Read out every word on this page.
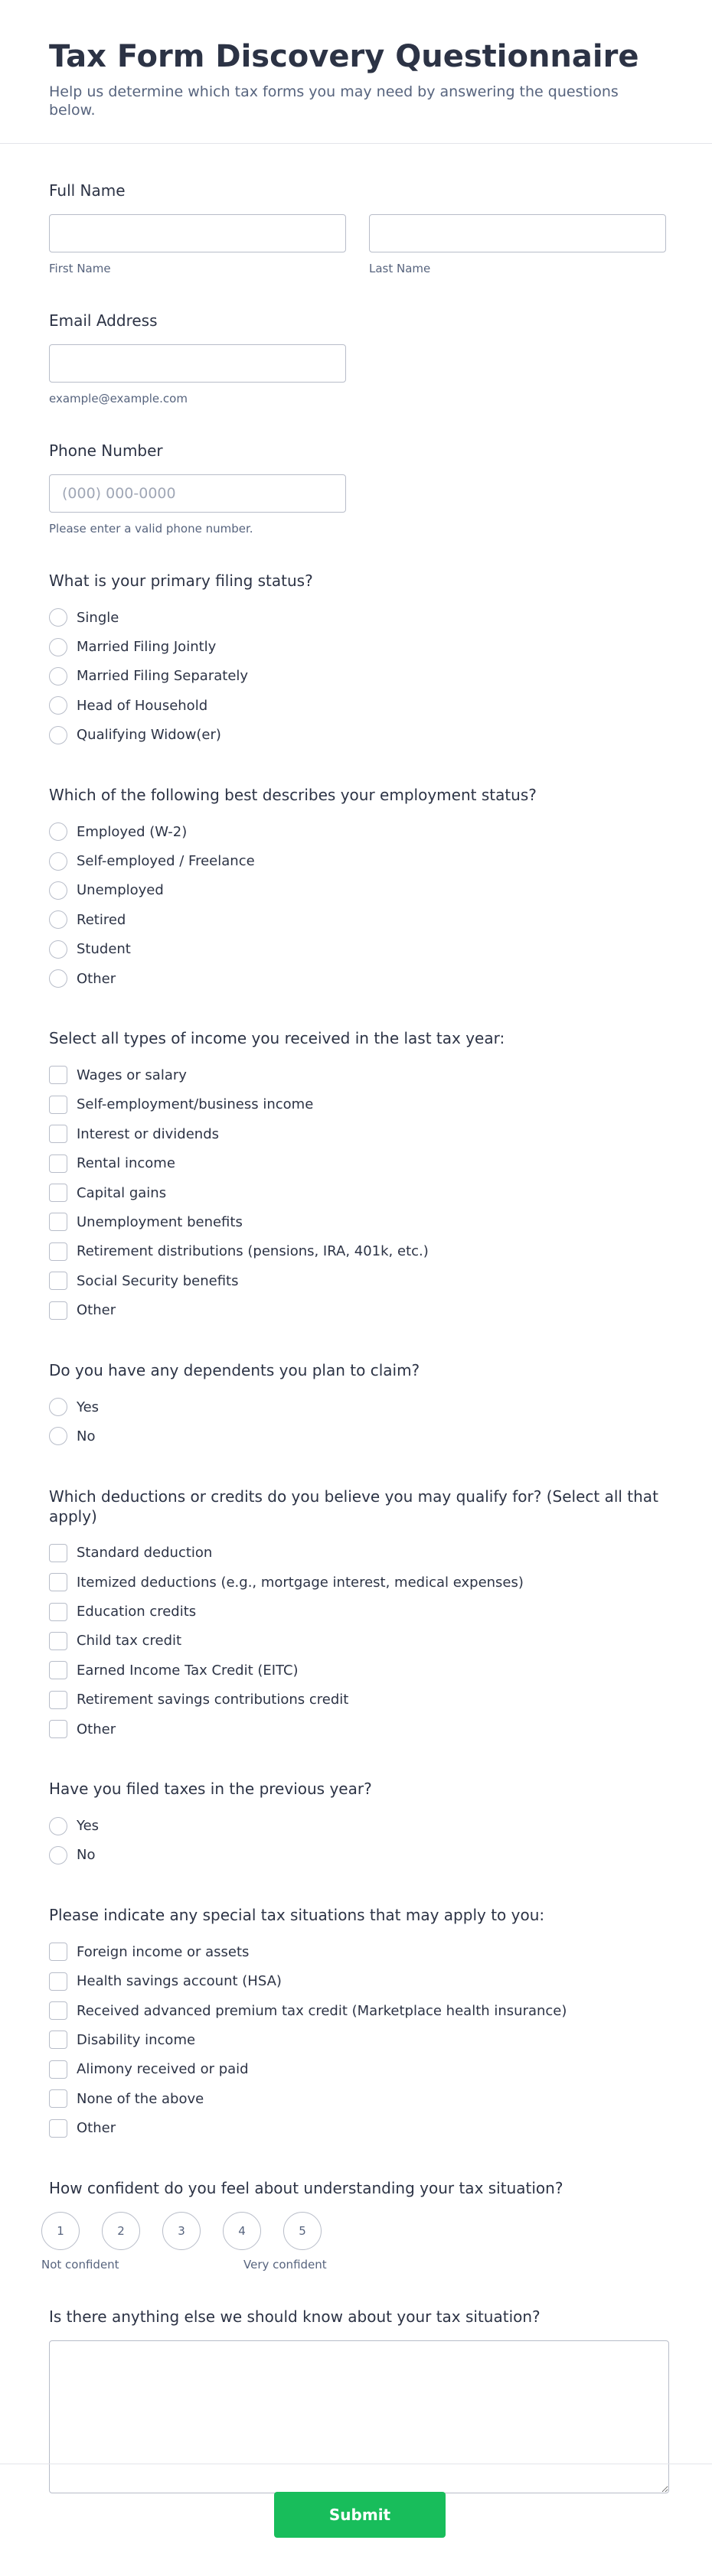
Tax Form Discovery Questionnaire

Help us determine which tax forms you may need by answering the questions below.

Full Name
First Name	Last Name
Email Address
example@example.com
Phone Number
(000) 000-0000
Please enter a valid phone number.
What is your primary filing status?
Single
Married Filing Jointly
Married Filing Separately
Head of Household
Qualifying Widow(er)
Which of the following best describes your employment status?
Employed (W-2)
Self-employed / Freelance
Unemployed
Retired
Student
Other
Select all types of income you received in the last tax year:
Wages or salary
Self-employment/business income
Interest or dividends
Rental income
Capital gains
Unemployment benefits
Retirement distributions (pensions, IRA, 401k, etc.)
Social Security benefits
Other
Do you have any dependents you plan to claim?
Yes
No
Which deductions or credits do you believe you may qualify for? (Select all that apply)
Standard deduction
Itemized deductions (e.g., mortgage interest, medical expenses)
Education credits
Child tax credit
Earned Income Tax Credit (EITC)
Retirement savings contributions credit
Other
Have you filed taxes in the previous year?
Yes
No
Please indicate any special tax situations that may apply to you:
Foreign income or assets
Health savings account (HSA)
Received advanced premium tax credit (Marketplace health insurance)
Disability income
Alimony received or paid
None of the above
Other
How confident do you feel about understanding your tax situation?
1	2	3	4	5
Not confident	Very confident
Is there anything else we should know about your tax situation?
Submit
